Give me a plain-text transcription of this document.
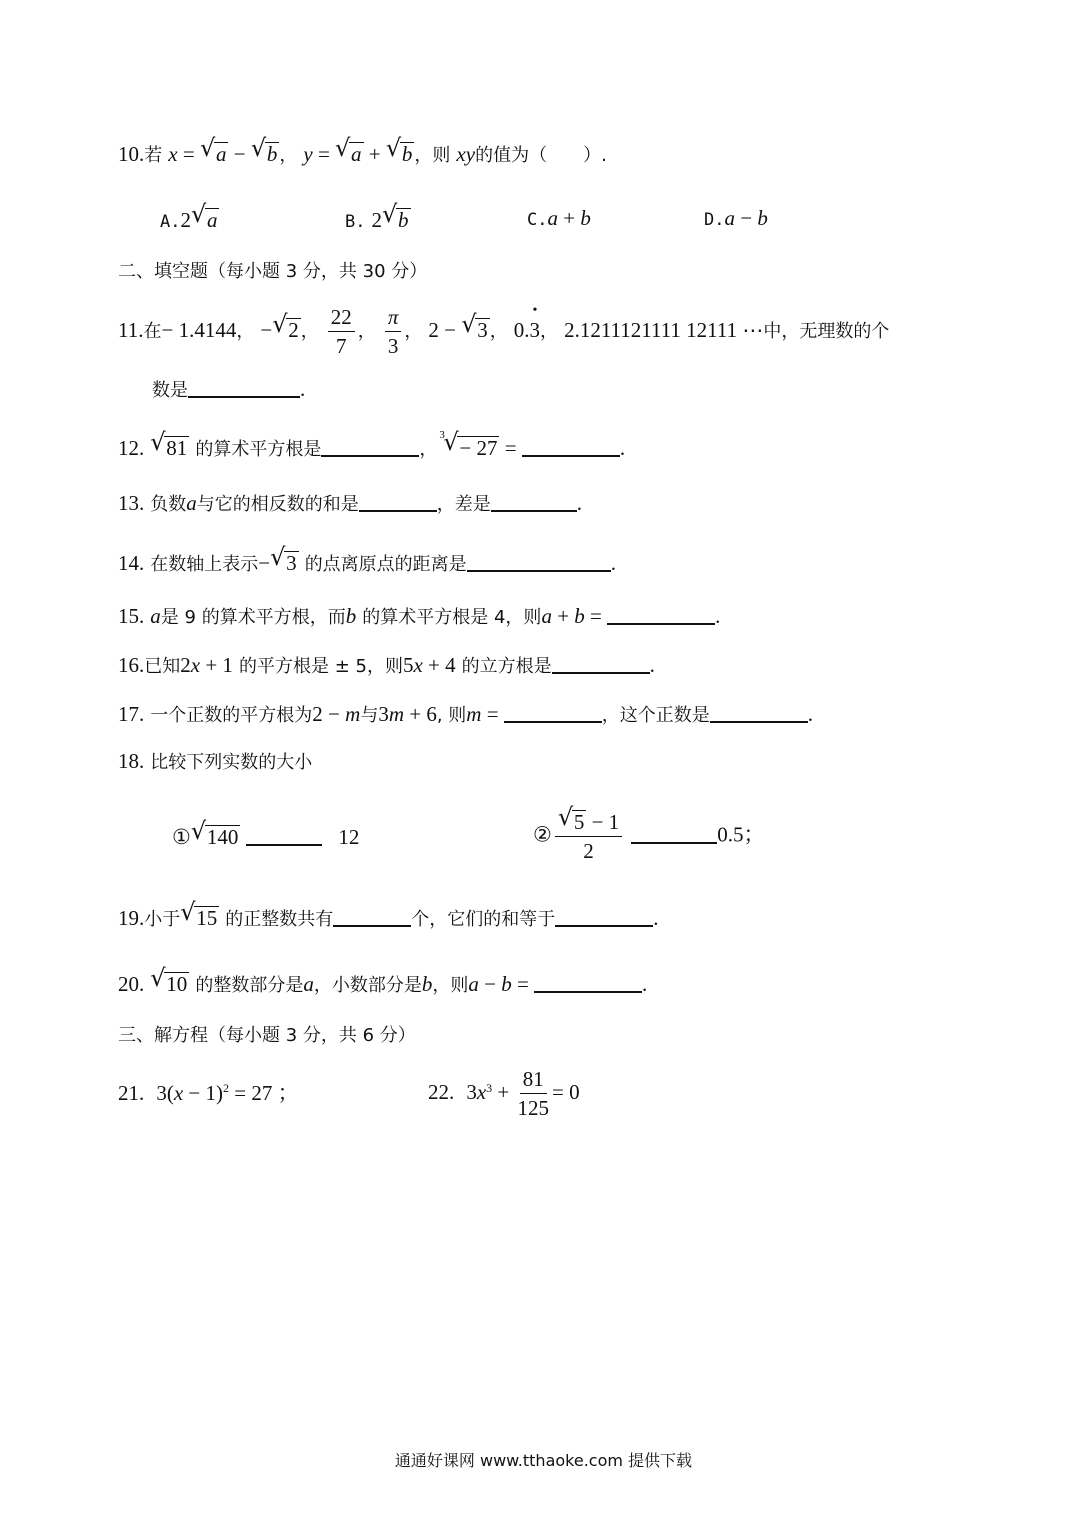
10.若 x = √ a − √ b ， y = √ a + √ b ，则 xy的值为（　　）.
A.2 √ a	B. 2 √ b	C.a + b	D.a − b
二、填空题（每小题 3 分，共 30 分）
11.在− 1.4144， − √ 2 ， $\frac{22}{7}$ ， $\frac{\pi}{3}$ ， 2 − √ 3 ， 0.3 •， 2.1211121111 12111 ⋯中，无理数的个
数是	.
12. √ 81 的算术平方根是	，
3
√ − 27 =	.
13. 负数a与它的相反数的和是	，差是	.
14. 在数轴上表示− √ 3 的点离原点的距离是	.
15. a是 9 的算术平方根，而b 的算术平方根是 4，则a + b =	.
16.已知2x + 1 的平方根是 ± 5，则5x + 4 的立方根是	.
17. 一个正数的平方根为2 − m与3m + 6, 则m =	，这个正数是	.
18. 比较下列实数的大小
① √ 140	12	② $\frac{√ 5 - 1}{2}$	0.5；
19.小于 √ 15 的正整数共有	个，它们的和等于	.
20. √ 10 的整数部分是a，小数部分是b，则a − b =	.
三、解方程（每小题 3 分，共 6 分）
21. $3(x - 1)^2 = 27$ ；	22. $3x^3 + \frac{81}{125} = 0$
通通好课网 www.tthaoke.com 提供下载
